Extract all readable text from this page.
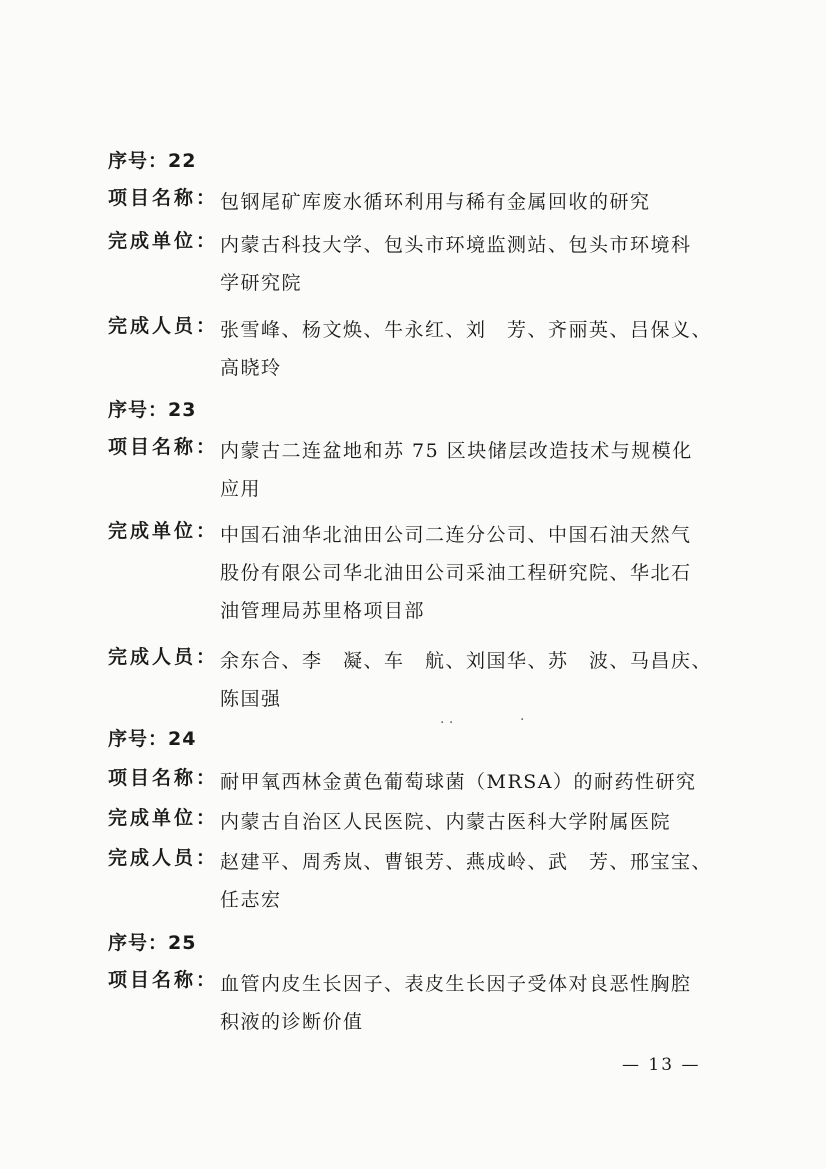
序号：22
项目名称： 包钢尾矿库废水循环利用与稀有金属回收的研究
完成单位： 内蒙古科技大学、包头市环境监测站、包头市环境科
学研究院
完成人员： 张雪峰、杨文焕、牛永红、刘　芳、齐丽英、吕保义、
高晓玲
序号：23
项目名称： 内蒙古二连盆地和苏 75 区块储层改造技术与规模化
应用
完成单位： 中国石油华北油田公司二连分公司、中国石油天然气
股份有限公司华北油田公司采油工程研究院、华北石
油管理局苏里格项目部
完成人员： 余东合、李　凝、车　航、刘国华、苏　波、马昌庆、
陈国强
序号：24
项目名称： 耐甲氧西林金黄色葡萄球菌（MRSA）的耐药性研究
完成单位： 内蒙古自治区人民医院、内蒙古医科大学附属医院
完成人员： 赵建平、周秀岚、曹银芳、燕成岭、武　芳、邢宝宝、
任志宏
序号：25
项目名称： 血管内皮生长因子、表皮生长因子受体对良恶性胸腔
积液的诊断价值
— 13 —
· ·	·
